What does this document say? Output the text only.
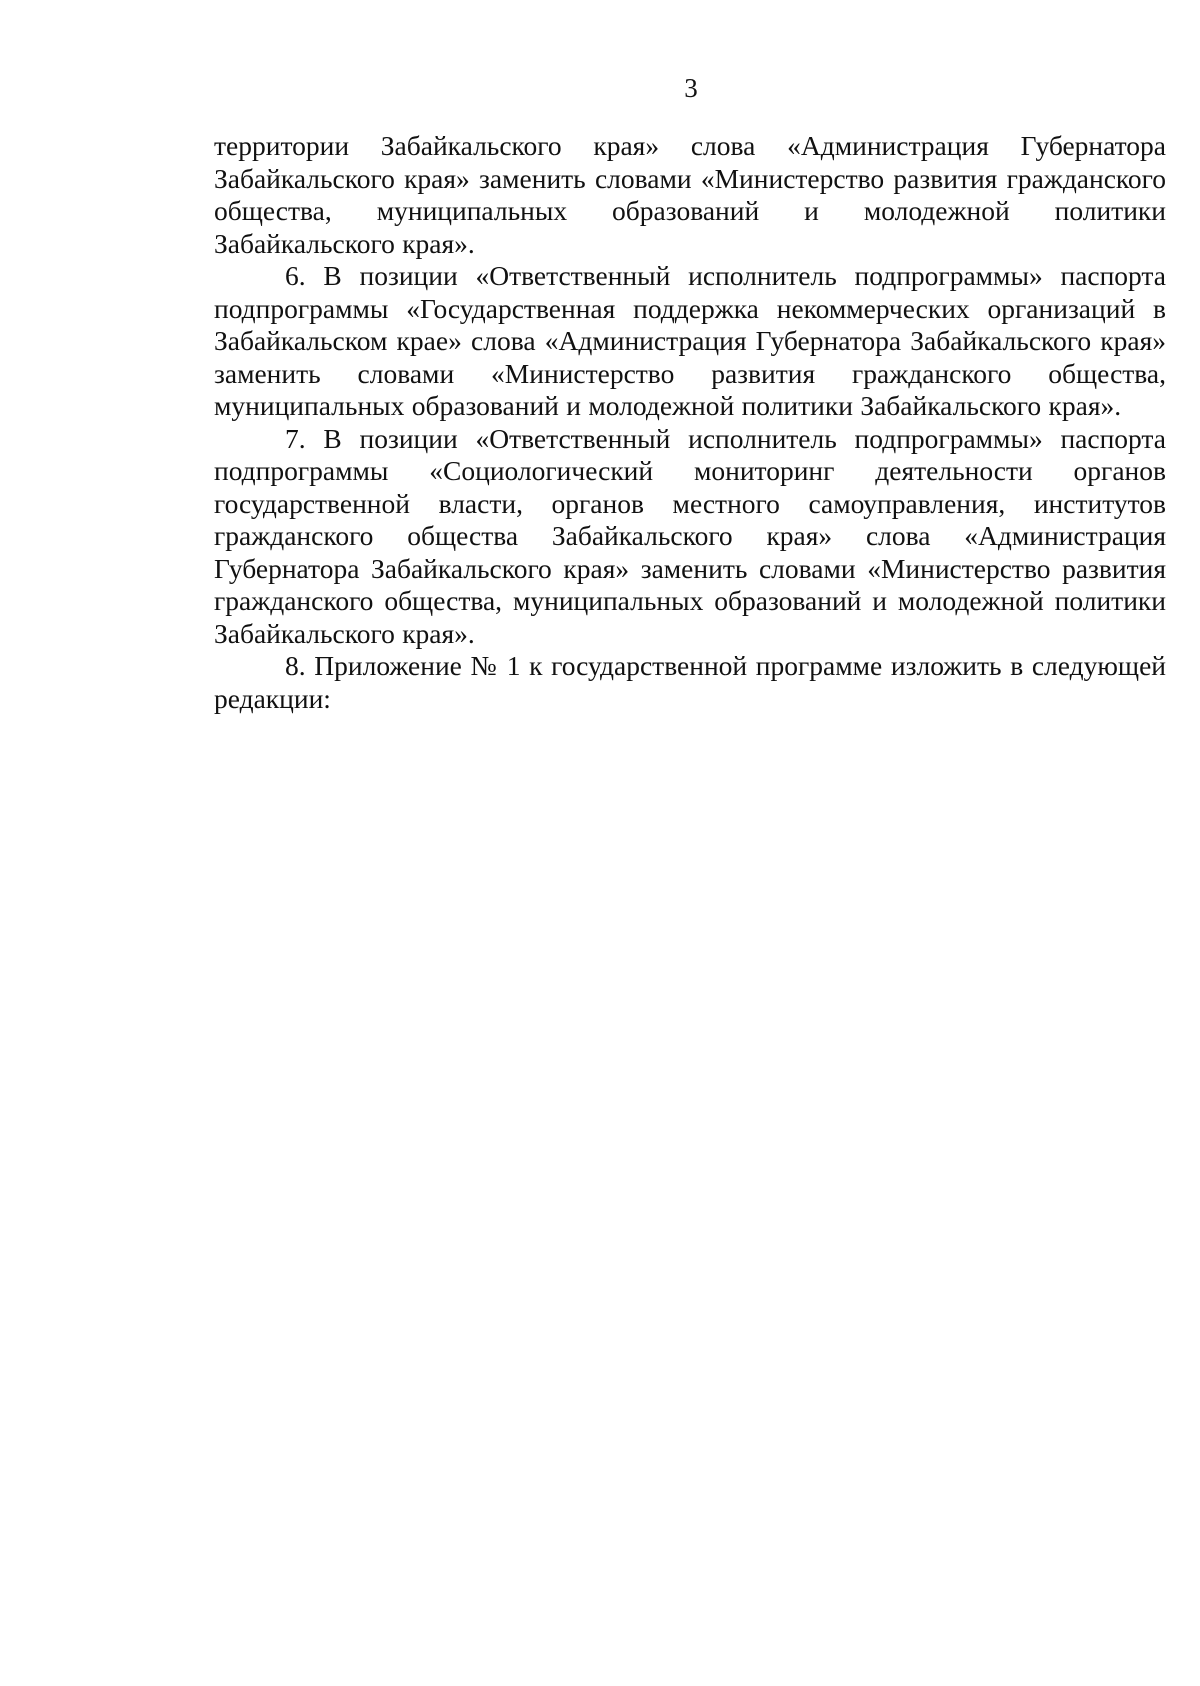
3

территории Забайкальского края» слова «Администрация Губернатора Забайкальского края» заменить словами «Министерство развития гражданского общества, муниципальных образований и молодежной политики Забайкальского края».

6. В позиции «Ответственный исполнитель подпрограммы» паспорта подпрограммы «Государственная поддержка некоммерческих организаций в Забайкальском крае» слова «Администрация Губернатора Забайкальского края» заменить словами «Министерство развития гражданского общества, муниципальных образований и молодежной политики Забайкальского края».

7. В позиции «Ответственный исполнитель подпрограммы» паспорта подпрограммы «Социологический мониторинг деятельности органов государственной власти, органов местного самоуправления, институтов гражданского общества Забайкальского края» слова «Администрация Губернатора Забайкальского края» заменить словами «Министерство развития гражданского общества, муниципальных образований и молодежной политики Забайкальского края».

8. Приложение № 1 к государственной программе изложить в следующей редакции:
